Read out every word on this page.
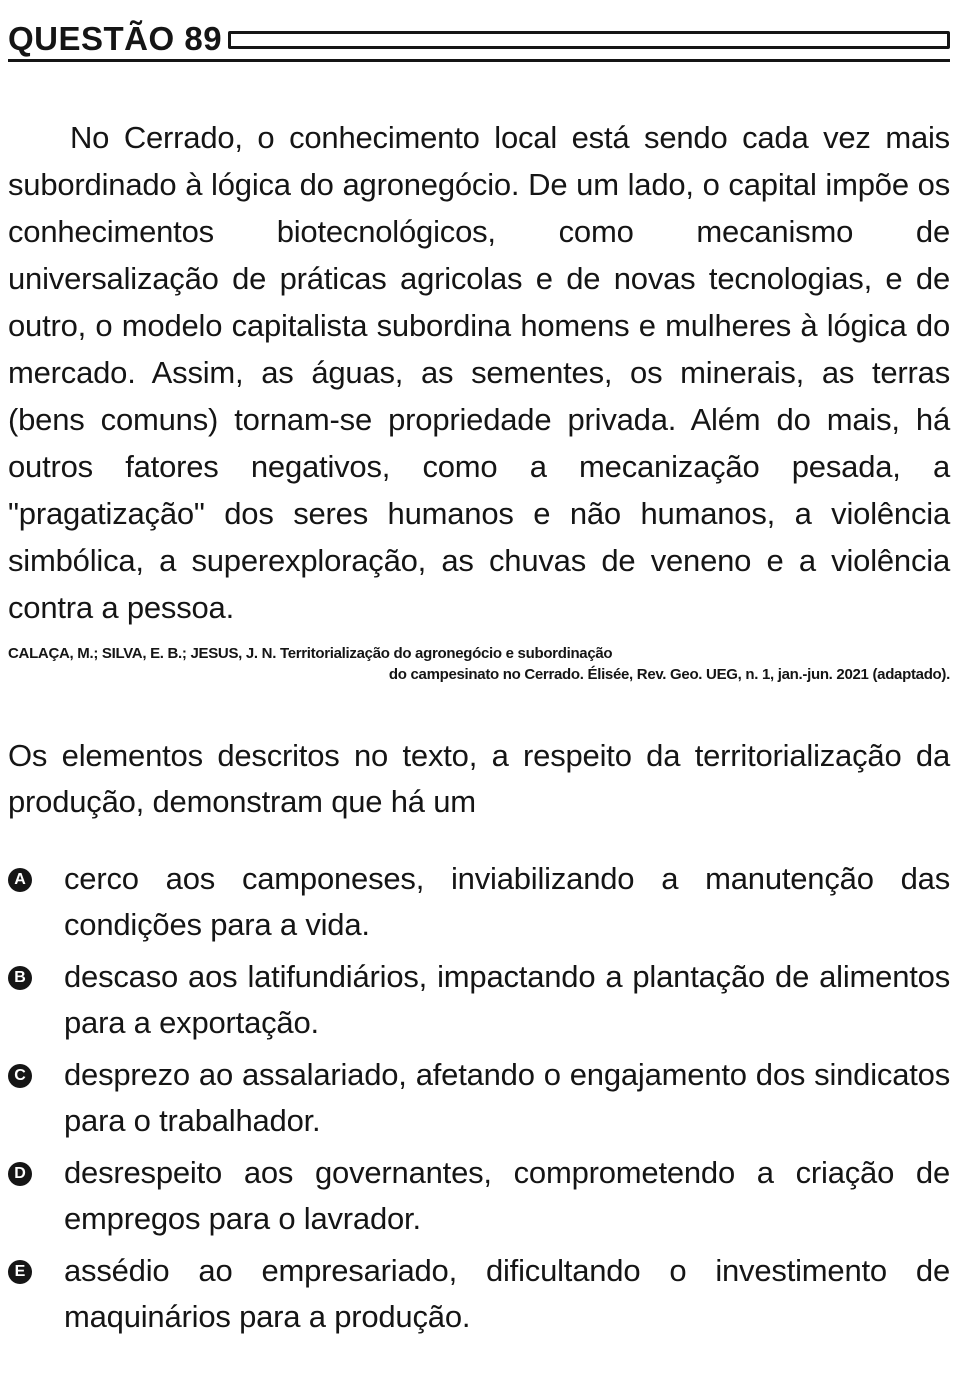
QUESTÃO 89

No Cerrado, o conhecimento local está sendo cada vez mais subordinado à lógica do agronegócio. De um lado, o capital impõe os conhecimentos biotecnológicos, como mecanismo de universalização de práticas agricolas e de novas tecnologias, e de outro, o modelo capitalista subordina homens e mulheres à lógica do mercado. Assim, as águas, as sementes, os minerais, as terras (bens comuns) tornam-se propriedade privada. Além do mais, há outros fatores negativos, como a mecanização pesada, a "pragatização" dos seres humanos e não humanos, a violência simbólica, a superexploração, as chuvas de veneno e a violência contra a pessoa.

CALAÇA, M.; SILVA, E. B.; JESUS, J. N. Territorialização do agronegócio e subordinação
do campesinato no Cerrado. Élisée, Rev. Geo. UEG, n. 1, jan.-jun. 2021 (adaptado).

Os elementos descritos no texto, a respeito da territorialização da produção, demonstram que há um

A cerco aos camponeses, inviabilizando a manutenção das condições para a vida.
B descaso aos latifundiários, impactando a plantação de alimentos para a exportação.
C desprezo ao assalariado, afetando o engajamento dos sindicatos para o trabalhador.
D desrespeito aos governantes, comprometendo a criação de empregos para o lavrador.
E assédio ao empresariado, dificultando o investimento de maquinários para a produção.
